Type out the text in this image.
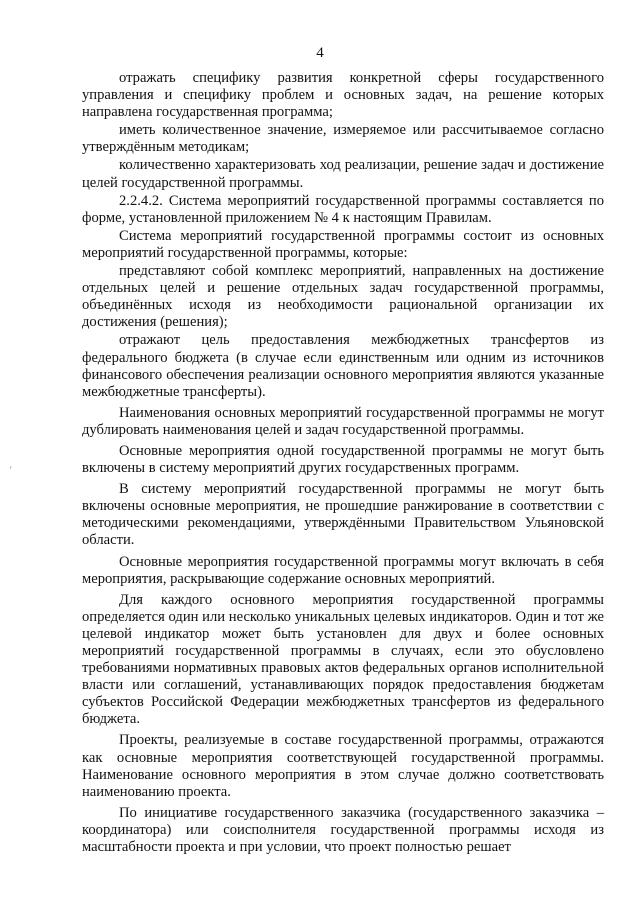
4
'

отражать специфику развития конкретной сферы государственного управления и специфику проблем и основных задач, на решение которых направлена государственная программа;

иметь количественное значение, измеряемое или рассчитываемое согласно утверждённым методикам;

количественно характеризовать ход реализации, решение задач и достижение целей государственной программы.

2.2.4.2. Система мероприятий государственной программы составляется по форме, установленной приложением № 4 к настоящим Правилам.

Система мероприятий государственной программы состоит из основных мероприятий государственной программы, которые:

представляют собой комплекс мероприятий, направленных на достижение отдельных целей и решение отдельных задач государственной программы, объединённых исходя из необходимости рациональной организации их достижения (решения);

отражают цель предоставления межбюджетных трансфертов из федерального бюджета (в случае если единственным или одним из источников финансового обеспечения реализации основного мероприятия являются указанные межбюджетные трансферты).

Наименования основных мероприятий государственной программы не могут дублировать наименования целей и задач государственной программы.

Основные мероприятия одной государственной программы не могут быть включены в систему мероприятий других государственных программ.

В систему мероприятий государственной программы не могут быть включены основные мероприятия, не прошедшие ранжирование в соответствии с методическими рекомендациями, утверждёнными Правительством Ульяновской области.

Основные мероприятия государственной программы могут включать в себя мероприятия, раскрывающие содержание основных мероприятий.

Для каждого основного мероприятия государственной программы определяется один или несколько уникальных целевых индикаторов. Один и тот же целевой индикатор может быть установлен для двух и более основных мероприятий государственной программы в случаях, если это обусловлено требованиями нормативных правовых актов федеральных органов исполнительной власти или соглашений, устанавливающих порядок предоставления бюджетам субъектов Российской Федерации межбюджетных трансфертов из федерального бюджета.

Проекты, реализуемые в составе государственной программы, отражаются как основные мероприятия соответствующей государственной программы. Наименование основного мероприятия в этом случае должно соответствовать наименованию проекта.

По инициативе государственного заказчика (государственного заказчика – координатора) или соисполнителя государственной программы исходя из масштабности проекта и при условии, что проект полностью решает
